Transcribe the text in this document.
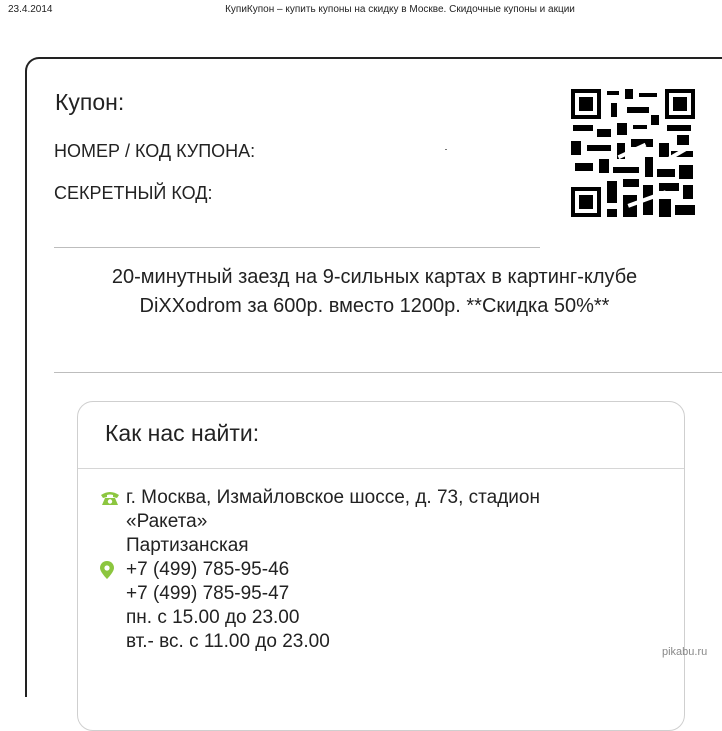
23.4.2014	КупиКупон – купить купоны на скидку в Москве. Скидочные купоны и акции
Купон:
НОМЕР / КОД КУПОНА:
СЕКРЕТНЫЙ КОД:
20-минутный заезд на 9-сильных картах в картинг-клубе DiXXodrom за 600р. вместо 1200р. **Скидка 50%**
Как нас найти:
г. Москва, Измайловское шоссе, д. 73, стадион
«Ракета»
Партизанская
+7 (499) 785-95-46
+7 (499) 785-95-47
пн. с 15.00 до 23.00
вт.- вс. с 11.00 до 23.00	pikabu.ru
